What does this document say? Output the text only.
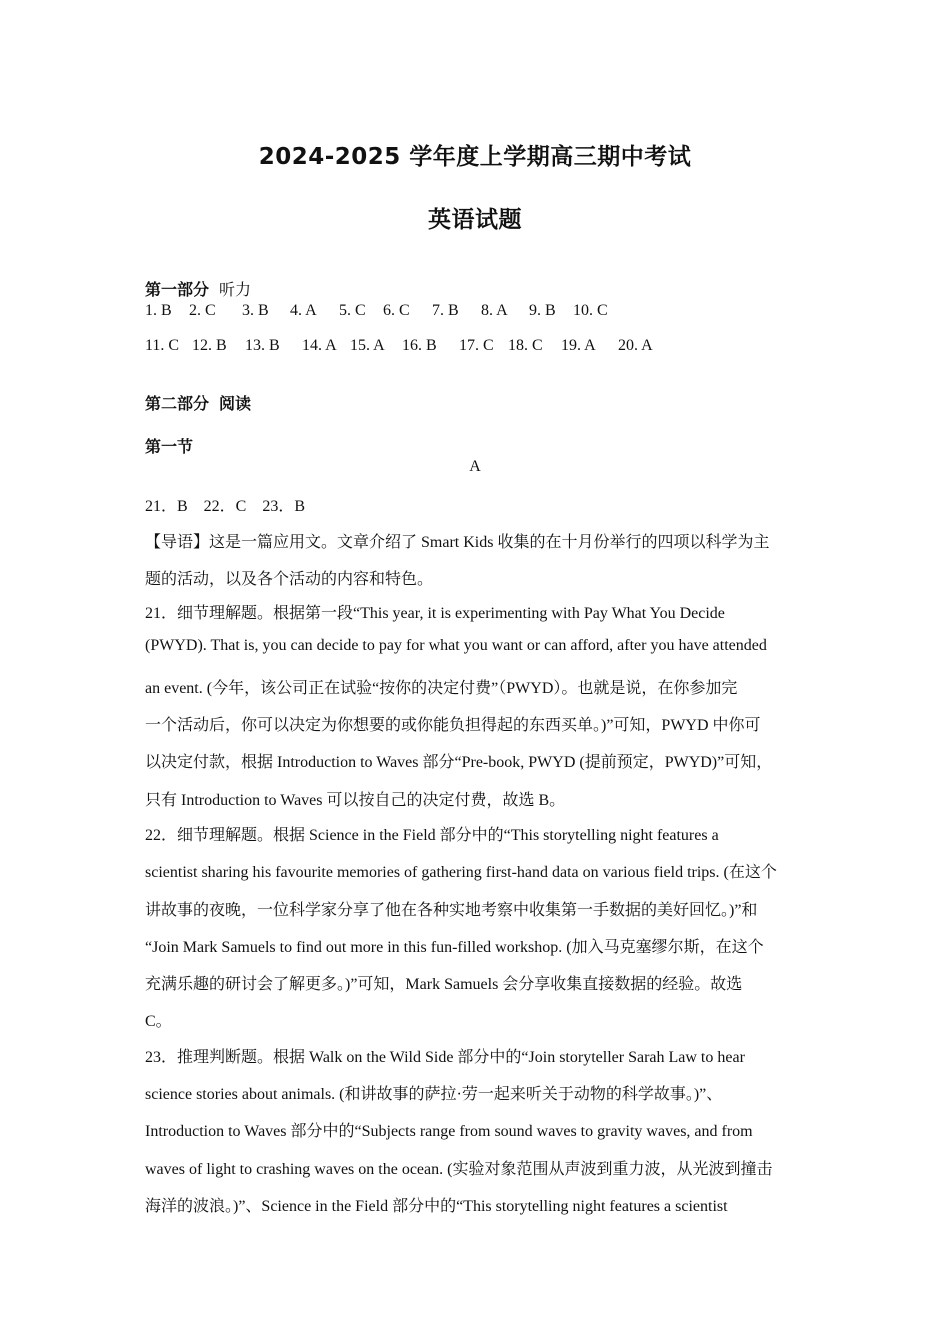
2024-2025 学年度上学期高三期中考试
英语试题
第一部分 听力
1. B 2. C 3. B 4. A 5. C 6. C 7. B 8. A 9. B 10. C
11. C 12. B 13. B 14. A 15. A 16. B 17. C 18. C 19. A 20. A
第二部分 阅读
第一节
A
21．B　22．C　23．B
【导语】这是一篇应用文。文章介绍了 Smart Kids 收集的在十月份举行的四项以科学为主
题的活动，以及各个活动的内容和特色。
21．细节理解题。根据第一段“This year, it is experimenting with Pay What You Decide
(PWYD). That is, you can decide to pay for what you want or can afford, after you have attended
an event. (今年，该公司正在试验“按你的决定付费”（PWYD）。也就是说，在你参加完
一个活动后，你可以决定为你想要的或你能负担得起的东西买单。)”可知，PWYD 中你可
以决定付款，根据 Introduction to Waves 部分“Pre-book, PWYD (提前预定，PWYD)”可知，
只有 Introduction to Waves 可以按自己的决定付费，故选 B。
22．细节理解题。根据 Science in the Field 部分中的“This storytelling night features a
scientist sharing his favourite memories of gathering first-hand data on various field trips. (在这个
讲故事的夜晚，一位科学家分享了他在各种实地考察中收集第一手数据的美好回忆。)”和
“Join Mark Samuels to find out more in this fun-filled workshop. (加入马克塞缪尔斯，在这个
充满乐趣的研讨会了解更多。)”可知，Mark Samuels 会分享收集直接数据的经验。故选
C。
23．推理判断题。根据 Walk on the Wild Side 部分中的“Join storyteller Sarah Law to hear
science stories about animals. (和讲故事的萨拉·劳一起来听关于动物的科学故事。)”、
Introduction to Waves 部分中的“Subjects range from sound waves to gravity waves, and from
waves of light to crashing waves on the ocean. (实验对象范围从声波到重力波，从光波到撞击
海洋的波浪。)”、Science in the Field 部分中的“This storytelling night features a scientist
